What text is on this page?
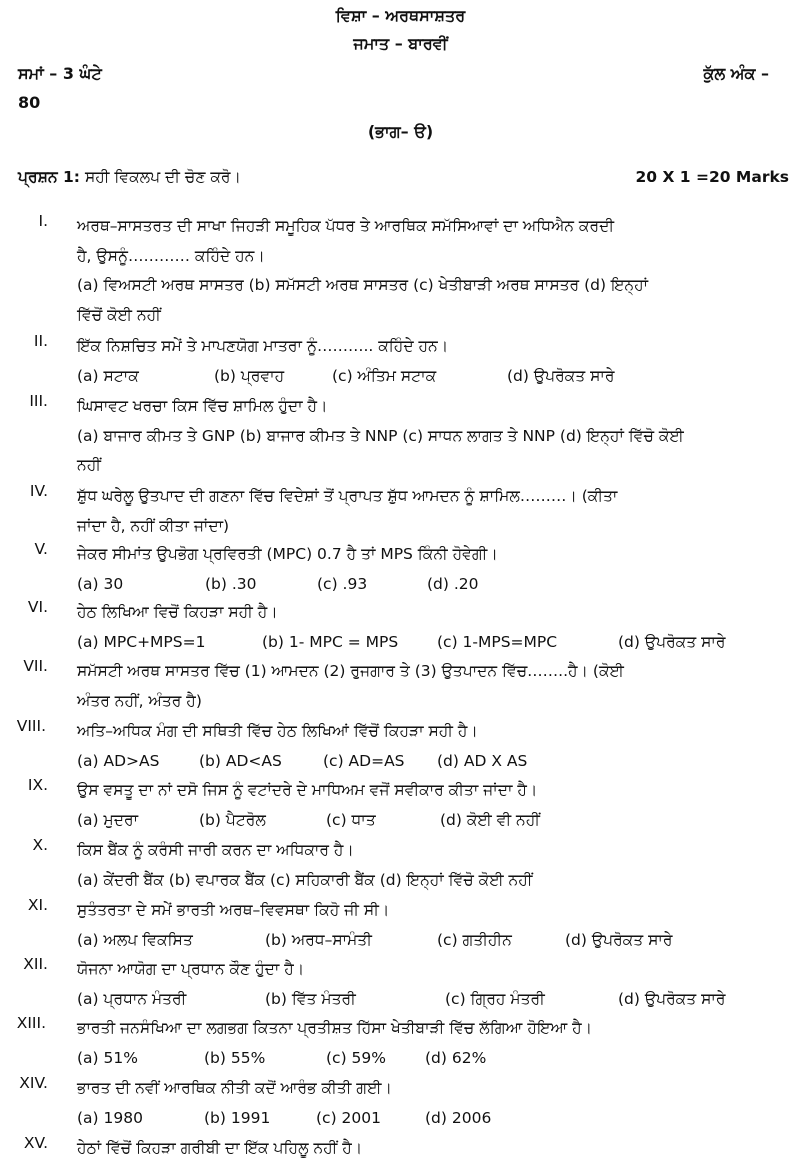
ਵਿਸ਼ਾ – ਅਰਥਸਾਸ਼ਤਰ
ਜਮਾਤ – ਬਾਰਵੀਂ
ਸਮਾਂ – 3 ਘੰਟੇ	ਕੁੱਲ ਅੰਕ –
80
(ਭਾਗ– ੳ)
ਪ੍ਰਸ਼ਨ 1: ਸਹੀ ਵਿਕਲਪ ਦੀ ਚੋਣ ਕਰੋ।	20 X 1 =20 Marks
I. ਅਰਥ–ਸਾਸਤਰਤ ਦੀ ਸਾਖਾ ਜਿਹੜੀ ਸਮੂਹਿਕ ਪੱਧਰ ਤੇ ਆਰਥਿਕ ਸਮੱਸਿਆਵਾਂ ਦਾ ਅਧਿਐਨ ਕਰਦੀ
ਹੈ, ਉਸਨੂੰ………… ਕਹਿੰਦੇ ਹਨ।
(a) ਵਿਅਸਟੀ ਅਰਥ ਸਾਸਤਰ (b) ਸਮੱਸਟੀ ਅਰਥ ਸਾਸਤਰ (c) ਖੇਤੀਬਾੜੀ ਅਰਥ ਸਾਸਤਰ (d) ਇਨ੍ਹਾਂ
ਵਿੱਚੋਂ ਕੋਈ ਨਹੀਂ
II. ਇੱਕ ਨਿਸ਼ਚਿਤ ਸਮੇਂ ਤੇ ਮਾਪਣਯੋਗ ਮਾਤਰਾ ਨੂੰ……….. ਕਹਿੰਦੇ ਹਨ।
(a) ਸਟਾਕ	(b) ਪ੍ਰਵਾਹ	(c) ਅੰਤਿਮ ਸਟਾਕ	(d) ਉਪਰੋਕਤ ਸਾਰੇ
III. ਘਿਸਾਵਟ ਖਰਚਾ ਕਿਸ ਵਿੱਚ ਸ਼ਾਮਿਲ ਹੁੰਦਾ ਹੈ।
(a) ਬਾਜਾਰ ਕੀਮਤ ਤੇ GNP (b) ਬਾਜਾਰ ਕੀਮਤ ਤੇ NNP (c) ਸਾਧਨ ਲਾਗਤ ਤੇ NNP (d) ਇਨ੍ਹਾਂ ਵਿੱਚੋ ਕੋਈ
ਨਹੀਂ
IV. ਸ਼ੁੱਧ ਘਰੇਲੂ ਉਤਪਾਦ ਦੀ ਗਣਨਾ ਵਿੱਚ ਵਿਦੇਸ਼ਾਂ ਤੋਂ ਪ੍ਰਾਪਤ ਸ਼ੁੱਧ ਆਮਦਨ ਨੂੰ ਸ਼ਾਮਿਲ………। (ਕੀਤਾ
ਜਾਂਦਾ ਹੈ, ਨਹੀਂ ਕੀਤਾ ਜਾਂਦਾ)
V. ਜੇਕਰ ਸੀਮਾਂਤ ਉਪਭੋਗ ਪ੍ਰਵਿਰਤੀ (MPC) 0.7 ਹੈ ਤਾਂ MPS ਕਿੰਨੀ ਹੋਵੇਗੀ।
(a) 30	(b) .30	(c) .93	(d) .20
VI. ਹੇਠ ਲਿਖਿਆ ਵਿਚੋਂ ਕਿਹੜਾ ਸਹੀ ਹੈ।
(a) MPC+MPS=1	(b) 1- MPC = MPS	(c) 1-MPS=MPC	(d) ਉਪਰੋਕਤ ਸਾਰੇ
VII. ਸਮੱਸਟੀ ਅਰਥ ਸਾਸਤਰ ਵਿੱਚ (1) ਆਮਦਨ (2) ਰੁਜਗਾਰ ਤੇ (3) ਉਤਪਾਦਨ ਵਿੱਚ……..ਹੈ। (ਕੋਈ
ਅੰਤਰ ਨਹੀਂ, ਅੰਤਰ ਹੈ)
VIII. ਅਤਿ–ਅਧਿਕ ਮੰਗ ਦੀ ਸਥਿਤੀ ਵਿੱਚ ਹੇਠ ਲਿਖਿਆਂ ਵਿੱਚੋਂ ਕਿਹੜਾ ਸਹੀ ਹੈ।
(a) AD>AS	(b) AD<AS	(c) AD=AS (d) AD X AS
IX. ਉਸ ਵਸਤੂ ਦਾ ਨਾਂ ਦਸੋ ਜਿਸ ਨੂੰ ਵਟਾਂਦਰੇ ਦੇ ਮਾਧਿਅਮ ਵਜੋਂ ਸਵੀਕਾਰ ਕੀਤਾ ਜਾਂਦਾ ਹੈ।
(a) ਮੁਦਰਾ	(b) ਪੈਟਰੋਲ	(c) ਧਾਤ	(d) ਕੋਈ ਵੀ ਨਹੀਂ
X. ਕਿਸ ਬੈਂਕ ਨੂੰ ਕਰੰਸੀ ਜਾਰੀ ਕਰਨ ਦਾ ਅਧਿਕਾਰ ਹੈ।
(a) ਕੇਂਦਰੀ ਬੈਂਕ (b) ਵਪਾਰਕ ਬੈਂਕ (c) ਸਹਿਕਾਰੀ ਬੈਂਕ (d) ਇਨ੍ਹਾਂ ਵਿੱਚੋ ਕੋਈ ਨਹੀਂ
XI. ਸੁਤੰਤਰਤਾ ਦੇ ਸਮੇਂ ਭਾਰਤੀ ਅਰਥ–ਵਿਵਸਥਾ ਕਿਹੋ ਜੀ ਸੀ।
(a) ਅਲਪ ਵਿਕਸਿਤ	(b) ਅਰਧ–ਸਾਮੰਤੀ	(c) ਗਤੀਹੀਨ	(d) ਉਪਰੋਕਤ ਸਾਰੇ
XII. ਯੋਜਨਾ ਆਯੋਗ ਦਾ ਪ੍ਰਧਾਨ ਕੌਣ ਹੁੰਦਾ ਹੈ।
(a) ਪ੍ਰਧਾਨ ਮੰਤਰੀ	(b) ਵਿੱਤ ਮੰਤਰੀ	(c) ਗ੍ਰਿਹ ਮੰਤਰੀ	(d) ਉਪਰੋਕਤ ਸਾਰੇ
XIII. ਭਾਰਤੀ ਜਨਸੰਖਿਆ ਦਾ ਲਗਭਗ ਕਿਤਨਾ ਪ੍ਰਤੀਸ਼ਤ ਹਿੱਸਾ ਖੇਤੀਬਾੜੀ ਵਿੱਚ ਲੱਗਿਆ ਹੋਇਆ ਹੈ।
(a) 51%	(b) 55%	(c) 59%	(d) 62%
XIV. ਭਾਰਤ ਦੀ ਨਵੀਂ ਆਰਥਿਕ ਨੀਤੀ ਕਦੋਂ ਆਰੰਭ ਕੀਤੀ ਗਈ।
(a) 1980	(b) 1991	(c) 2001	(d) 2006
XV. ਹੇਠਾਂ ਵਿੱਚੋਂ ਕਿਹੜਾ ਗਰੀਬੀ ਦਾ ਇੱਕ ਪਹਿਲੂ ਨਹੀਂ ਹੈ।
